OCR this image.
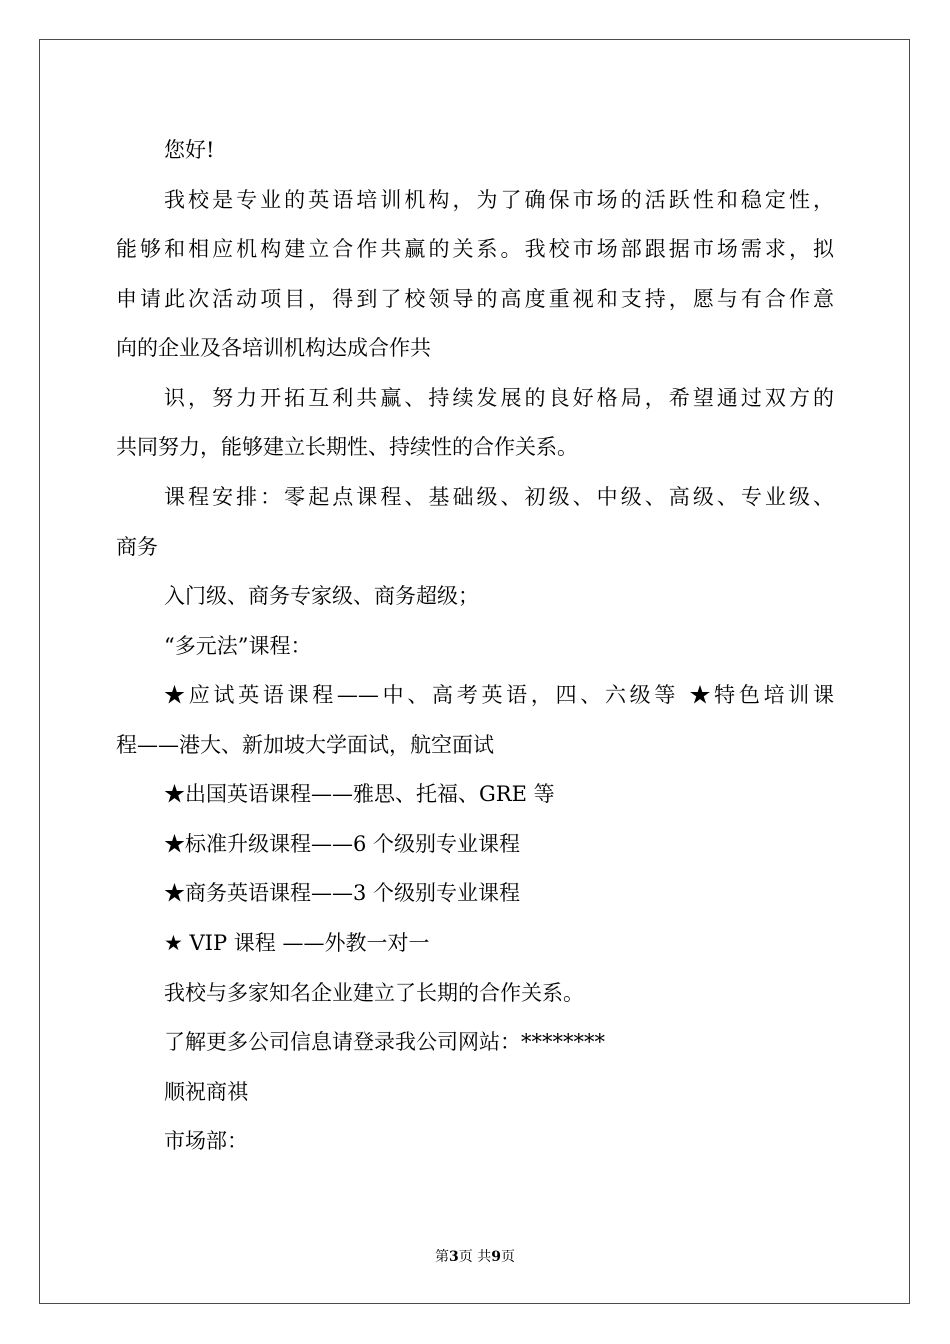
您好!
我校是专业的英语培训机构，为了确保市场的活跃性和稳定性，
能够和相应机构建立合作共赢的关系。我校市场部跟据市场需求，拟
申请此次活动项目，得到了校领导的高度重视和支持，愿与有合作意
向的企业及各培训机构达成合作共
识，努力开拓互利共赢、持续发展的良好格局，希望通过双方的
共同努力，能够建立长期性、持续性的合作关系。
课程安排：零起点课程、基础级、初级、中级、高级、专业级、
商务
入门级、商务专家级、商务超级；
“多元法”课程：
★应试英语课程——中、高考英语，四、六级等 ★特色培训课
程——港大、新加坡大学面试，航空面试
★出国英语课程——雅思、托福、GRE 等
★标准升级课程——6 个级别专业课程
★商务英语课程——3 个级别专业课程
★ VIP 课程 ——外教一对一
我校与多家知名企业建立了长期的合作关系。
了解更多公司信息请登录我公司网站：********
顺祝商祺
市场部：
第3页 共9页
